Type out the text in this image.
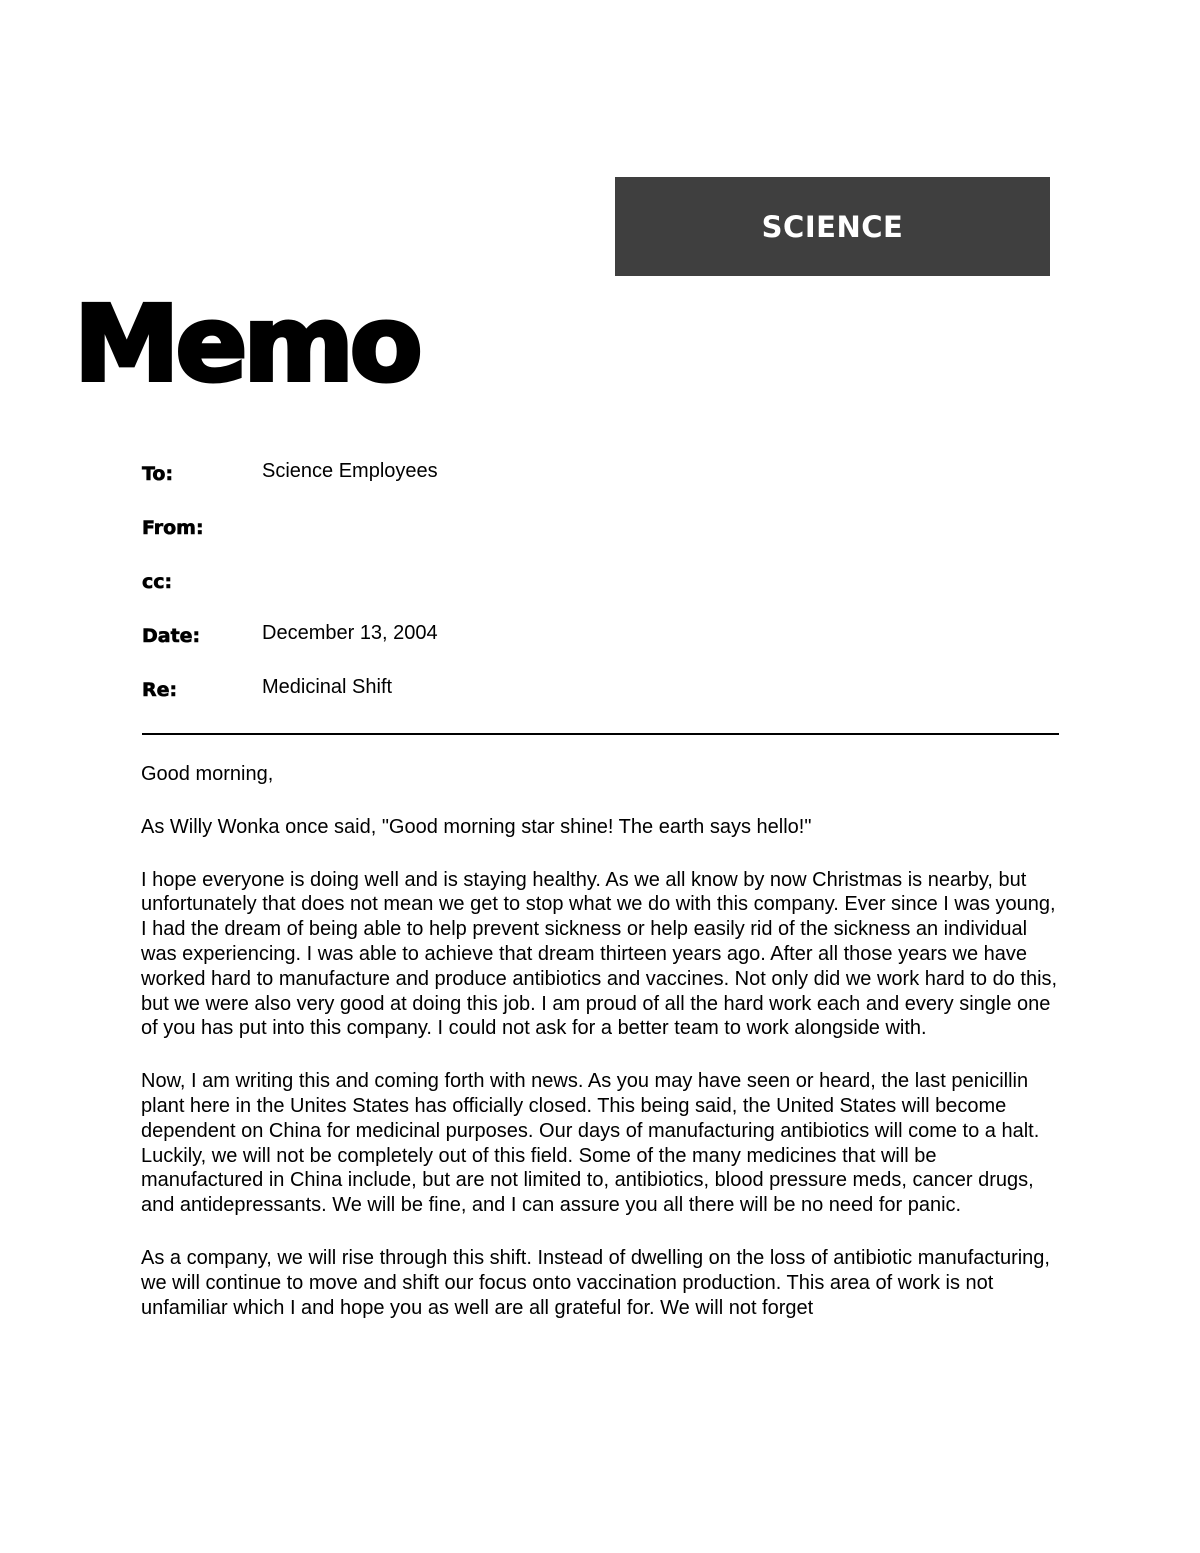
SCIENCE
Memo
To:	Science Employees
From:
cc:
Date:	December 13, 2004
Re:	Medicinal Shift

Good morning,

As Willy Wonka once said, "Good morning star shine! The earth says hello!"

I hope everyone is doing well and is staying healthy. As we all know by now Christmas is nearby, but unfortunately that does not mean we get to stop what we do with this company. Ever since I was young, I had the dream of being able to help prevent sickness or help easily rid of the sickness an individual was experiencing. I was able to achieve that dream thirteen years ago. After all those years we have worked hard to manufacture and produce antibiotics and vaccines. Not only did we work hard to do this, but we were also very good at doing this job. I am proud of all the hard work each and every single one of you has put into this company. I could not ask for a better team to work alongside with.

Now, I am writing this and coming forth with news. As you may have seen or heard, the last penicillin plant here in the Unites States has officially closed. This being said, the United States will become dependent on China for medicinal purposes. Our days of manufacturing antibiotics will come to a halt. Luckily, we will not be completely out of this field. Some of the many medicines that will be manufactured in China include, but are not limited to, antibiotics, blood pressure meds, cancer drugs, and antidepressants. We will be fine, and I can assure you all there will be no need for panic.

As a company, we will rise through this shift. Instead of dwelling on the loss of antibiotic manufacturing, we will continue to move and shift our focus onto vaccination production. This area of work is not unfamiliar which I and hope you as well are all grateful for. We will not forget
